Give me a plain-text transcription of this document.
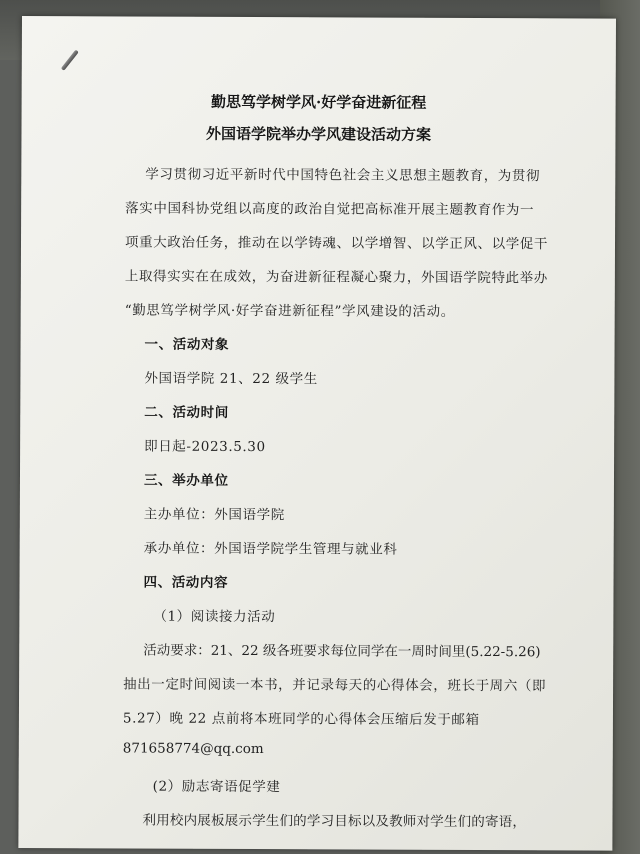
勤思笃学树学风·好学奋进新征程
外国语学院举办学风建设活动方案
学习贯彻习近平新时代中国特色社会主义思想主题教育，为贯彻
落实中国科协党组以高度的政治自觉把高标准开展主题教育作为一
项重大政治任务，推动在以学铸魂、以学增智、以学正风、以学促干
上取得实实在在成效，为奋进新征程凝心聚力，外国语学院特此举办
“勤思笃学树学风·好学奋进新征程”学风建设的活动。
一、活动对象
外国语学院 21、22 级学生
二、活动时间
即日起-2023.5.30
三、举办单位
主办单位：外国语学院
承办单位：外国语学院学生管理与就业科
四、活动内容
（1）阅读接力活动
活动要求：21、22 级各班要求每位同学在一周时间里(5.22-5.26)
抽出一定时间阅读一本书，并记录每天的心得体会，班长于周六（即
5.27）晚 22 点前将本班同学的心得体会压缩后发于邮箱
871658774@qq.com
(2）励志寄语促学建
利用校内展板展示学生们的学习目标以及教师对学生们的寄语，
